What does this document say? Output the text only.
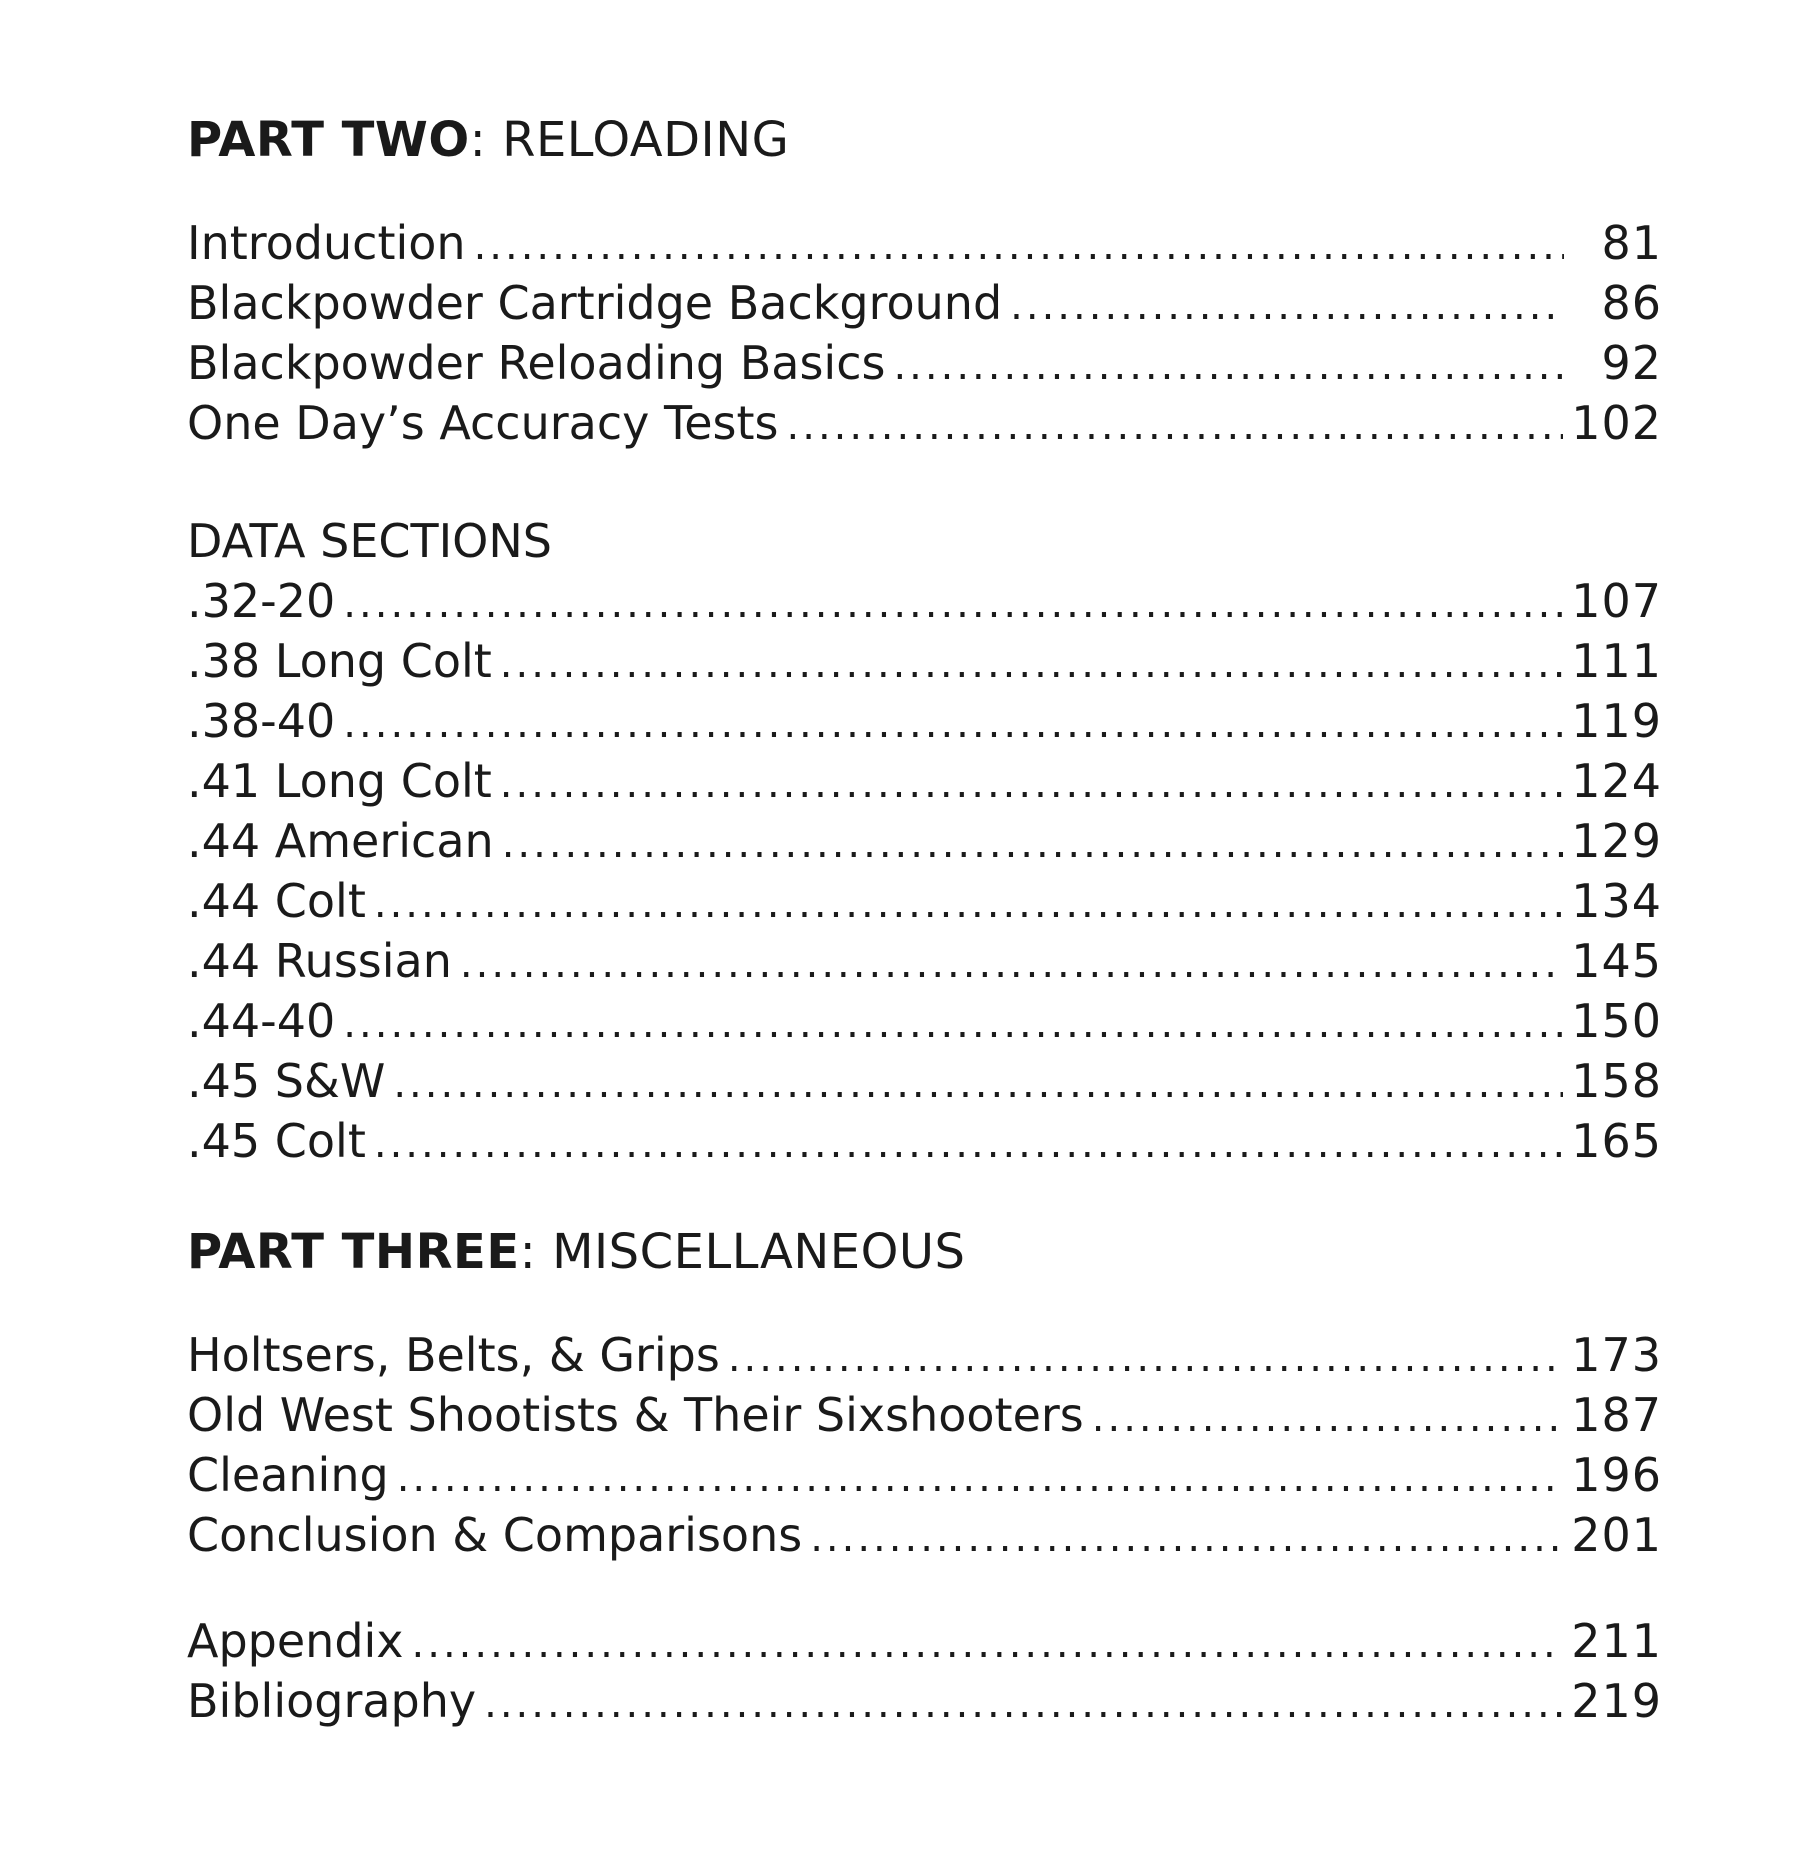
PART TWO: RELOADING
Introduction .....	81
Blackpowder Cartridge Background .....	86
Blackpowder Reloading Basics .....	92
One Day’s Accuracy Tests .....	102
DATA SECTIONS
.32-20 .....	107
.38 Long Colt .....	111
.38-40 .....	119
.41 Long Colt .....	124
.44 American .....	129
.44 Colt .....	134
.44 Russian .....	145
.44-40 .....	150
.45 S&W .....	158
.45 Colt .....	165
PART THREE: MISCELLANEOUS
Holtsers, Belts, & Grips .....	173
Old West Shootists & Their Sixshooters .....	187
Cleaning .....	196
Conclusion & Comparisons .....	201
Appendix .....	211
Bibliography .....	219
